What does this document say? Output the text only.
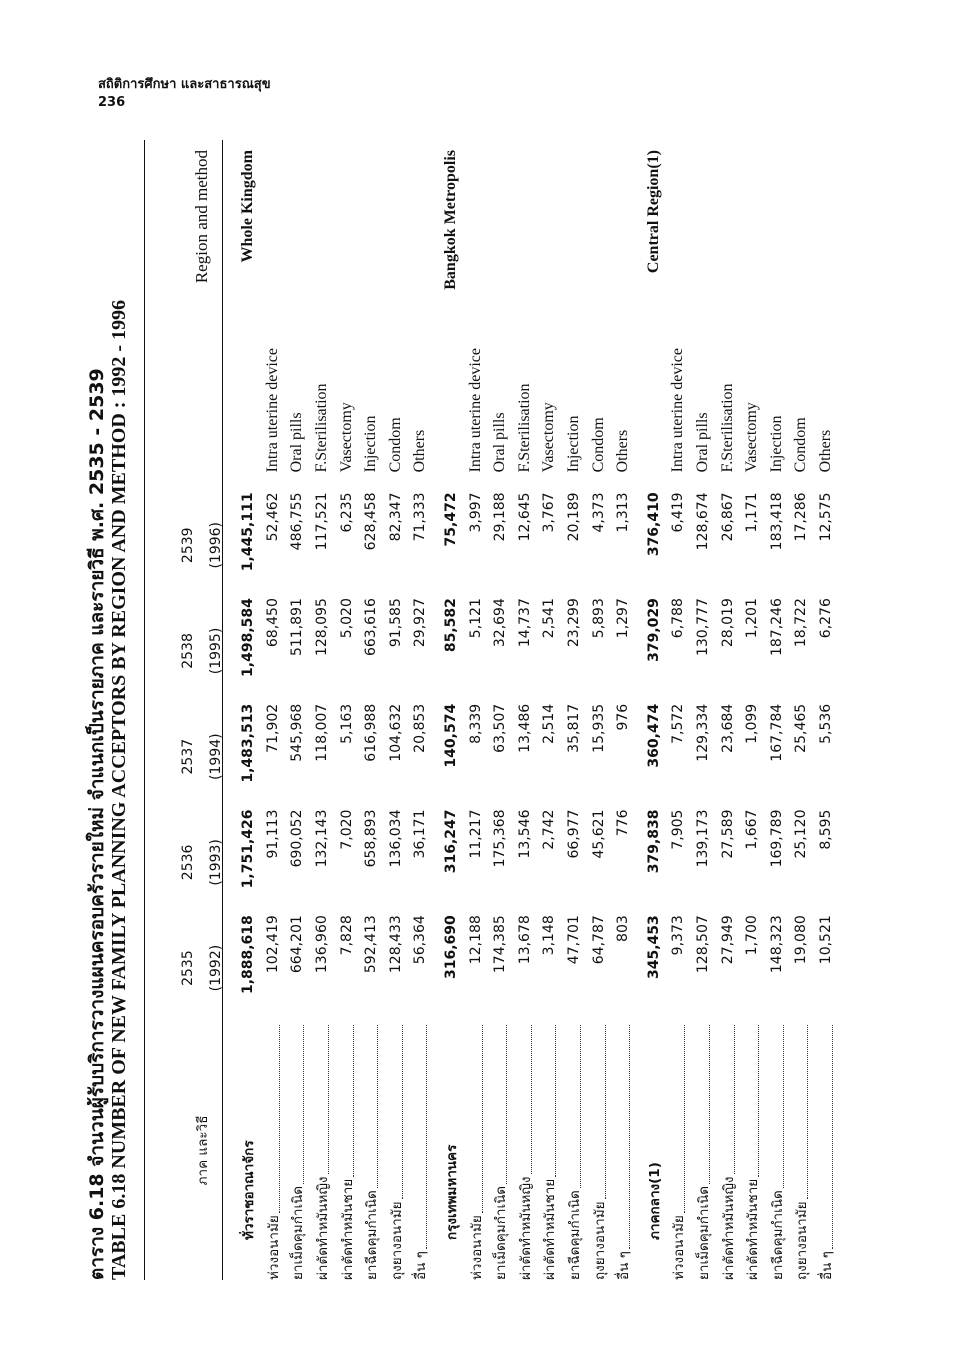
สถิติการศึกษา และสาธารณสุข
236
ตาราง 6.18 จำนวนผู้รับบริการวางแผนครอบครัวรายใหม่ จำแนกเป็นรายภาค และรายวิธี พ.ศ. 2535 - 2539 TABLE 6.18 NUMBER OF NEW FAMILY PLANNING ACCEPTORS BY REGION AND METHOD : 1992 - 1996	ภาค และวิธี	2535	2536	2537	2538	2539	Region and method
	(1992)	(1993)	(1994)	(1995)	(1996)	
ทั่วราชอาณาจักร	1,888,618	1,751,426	1,483,513	1,498,584	1,445,111	Whole Kingdom

ห่วงอนามัย	102,419	91,113	71,902	68,450	52,462	Intra uterine device

ยาเม็ดคุมกำเนิด	664,201	690,052	545,968	511,891	486,755	Oral pills

ผ่าตัดทำหมันหญิง	136,960	132,143	118,007	128,095	117,521	F.Sterilisation

ผ่าตัดทำหมันชาย	7,828	7,020	5,163	5,020	6,235	Vasectomy

ยาฉีดคุมกำเนิด	592,413	658,893	616,988	663,616	628,458	Injection

ถุงยางอนามัย	128,433	136,034	104,632	91,585	82,347	Condom

อื่น ๆ	56,364	36,171	20,853	29,927	71,333	Others
กรุงเทพมหานคร	316,690	316,247	140,574	85,582	75,472	Bangkok Metropolis

ห่วงอนามัย	12,188	11,217	8,339	5,121	3,997	Intra uterine device

ยาเม็ดคุมกำเนิด	174,385	175,368	63,507	32,694	29,188	Oral pills

ผ่าตัดทำหมันหญิง	13,678	13,546	13,486	14,737	12,645	F.Sterilisation

ผ่าตัดทำหมันชาย	3,148	2,742	2,514	2,541	3,767	Vasectomy

ยาฉีดคุมกำเนิด	47,701	66,977	35,817	23,299	20,189	Injection

ถุงยางอนามัย	64,787	45,621	15,935	5,893	4,373	Condom

อื่น ๆ	803	776	976	1,297	1,313	Others
ภาคกลาง(1)	345,453	379,838	360,474	379,029	376,410	Central Region(1)

ห่วงอนามัย	9,373	7,905	7,572	6,788	6,419	Intra uterine device

ยาเม็ดคุมกำเนิด	128,507	139,173	129,334	130,777	128,674	Oral pills

ผ่าตัดทำหมันหญิง	27,949	27,589	23,684	28,019	26,867	F.Sterilisation

ผ่าตัดทำหมันชาย	1,700	1,667	1,099	1,201	1,171	Vasectomy

ยาฉีดคุมกำเนิด	148,323	169,789	167,784	187,246	183,418	Injection

ถุงยางอนามัย	19,080	25,120	25,465	18,722	17,286	Condom

อื่น ๆ	10,521	8,595	5,536	6,276	12,575	Others
